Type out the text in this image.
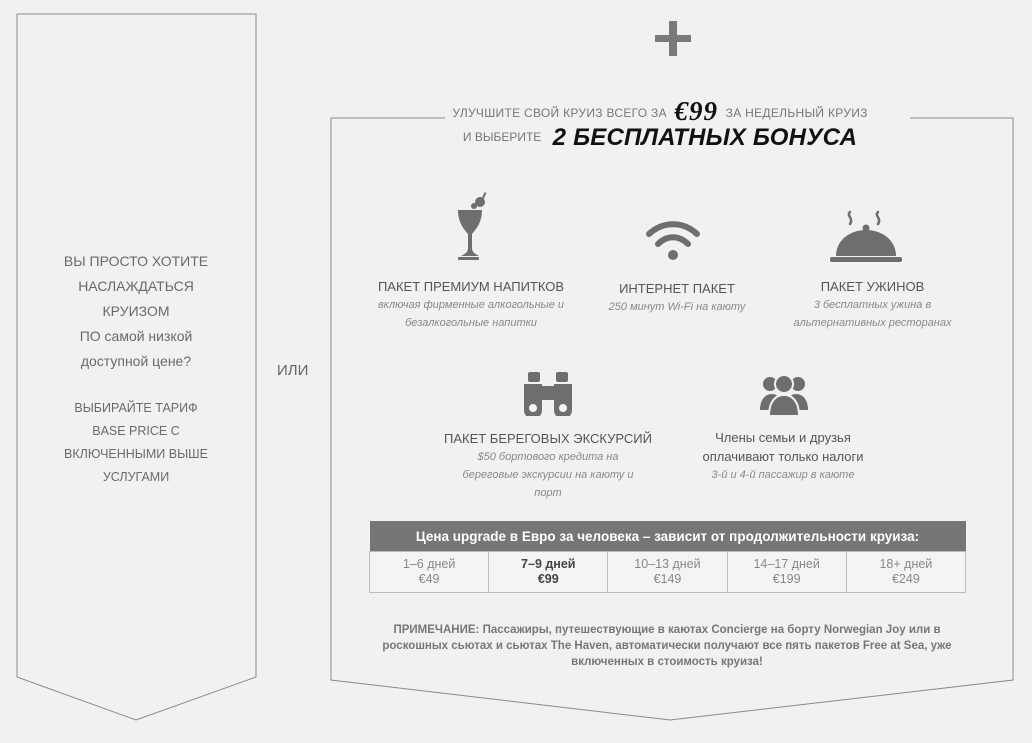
ВЫ ПРОСТО ХОТИТЕ
НАСЛАЖДАТЬСЯ
КРУИЗОМ
ПО самой низкой
доступной цене?
ВЫБИРАЙТЕ ТАРИФ
BASE PRICE С
ВКЛЮЧЕННЫМИ ВЫШЕ
УСЛУГАМИ
ИЛИ
УЛУЧШИТЕ СВОЙ КРУИЗ ВСЕГО ЗА €99 ЗА НЕДЕЛЬНЫЙ КРУИЗ
И ВЫБЕРИТЕ 2 БЕСПЛАТНЫХ БОНУСА
ПАКЕТ ПРЕМИУМ НАПИТКОВ
включая фирменные алкогольные и
безалкогольные напитки
ИНТЕРНЕТ ПАКЕТ
250 минут Wi-Fi на каюту
ПАКЕТ УЖИНОВ
3 бесплатных ужина в
альтернативных ресторанах
ПАКЕТ БЕРЕГОВЫХ ЭКСКУРСИЙ
$50 бортового кредита на
береговые экскурсии на каюту и
порт
Члены семьи и друзья
оплачивают только налоги
3-й и 4-й пассажир в каюте
Цена upgrade в Евро за человека – зависит от продолжительности круиза:

1–6 дней
€49

7–9 дней
€99

10–13 дней
€149

14–17 дней
€199

18+ дней
€249
ПРИМЕЧАНИЕ: Пассажиры, путешествующие в каютах Concierge на борту Norwegian Joy или в
роскошных сьютах и сьютах The Haven, автоматически получают все пять пакетов Free at Sea, уже
включенных в стоимость круиза!
